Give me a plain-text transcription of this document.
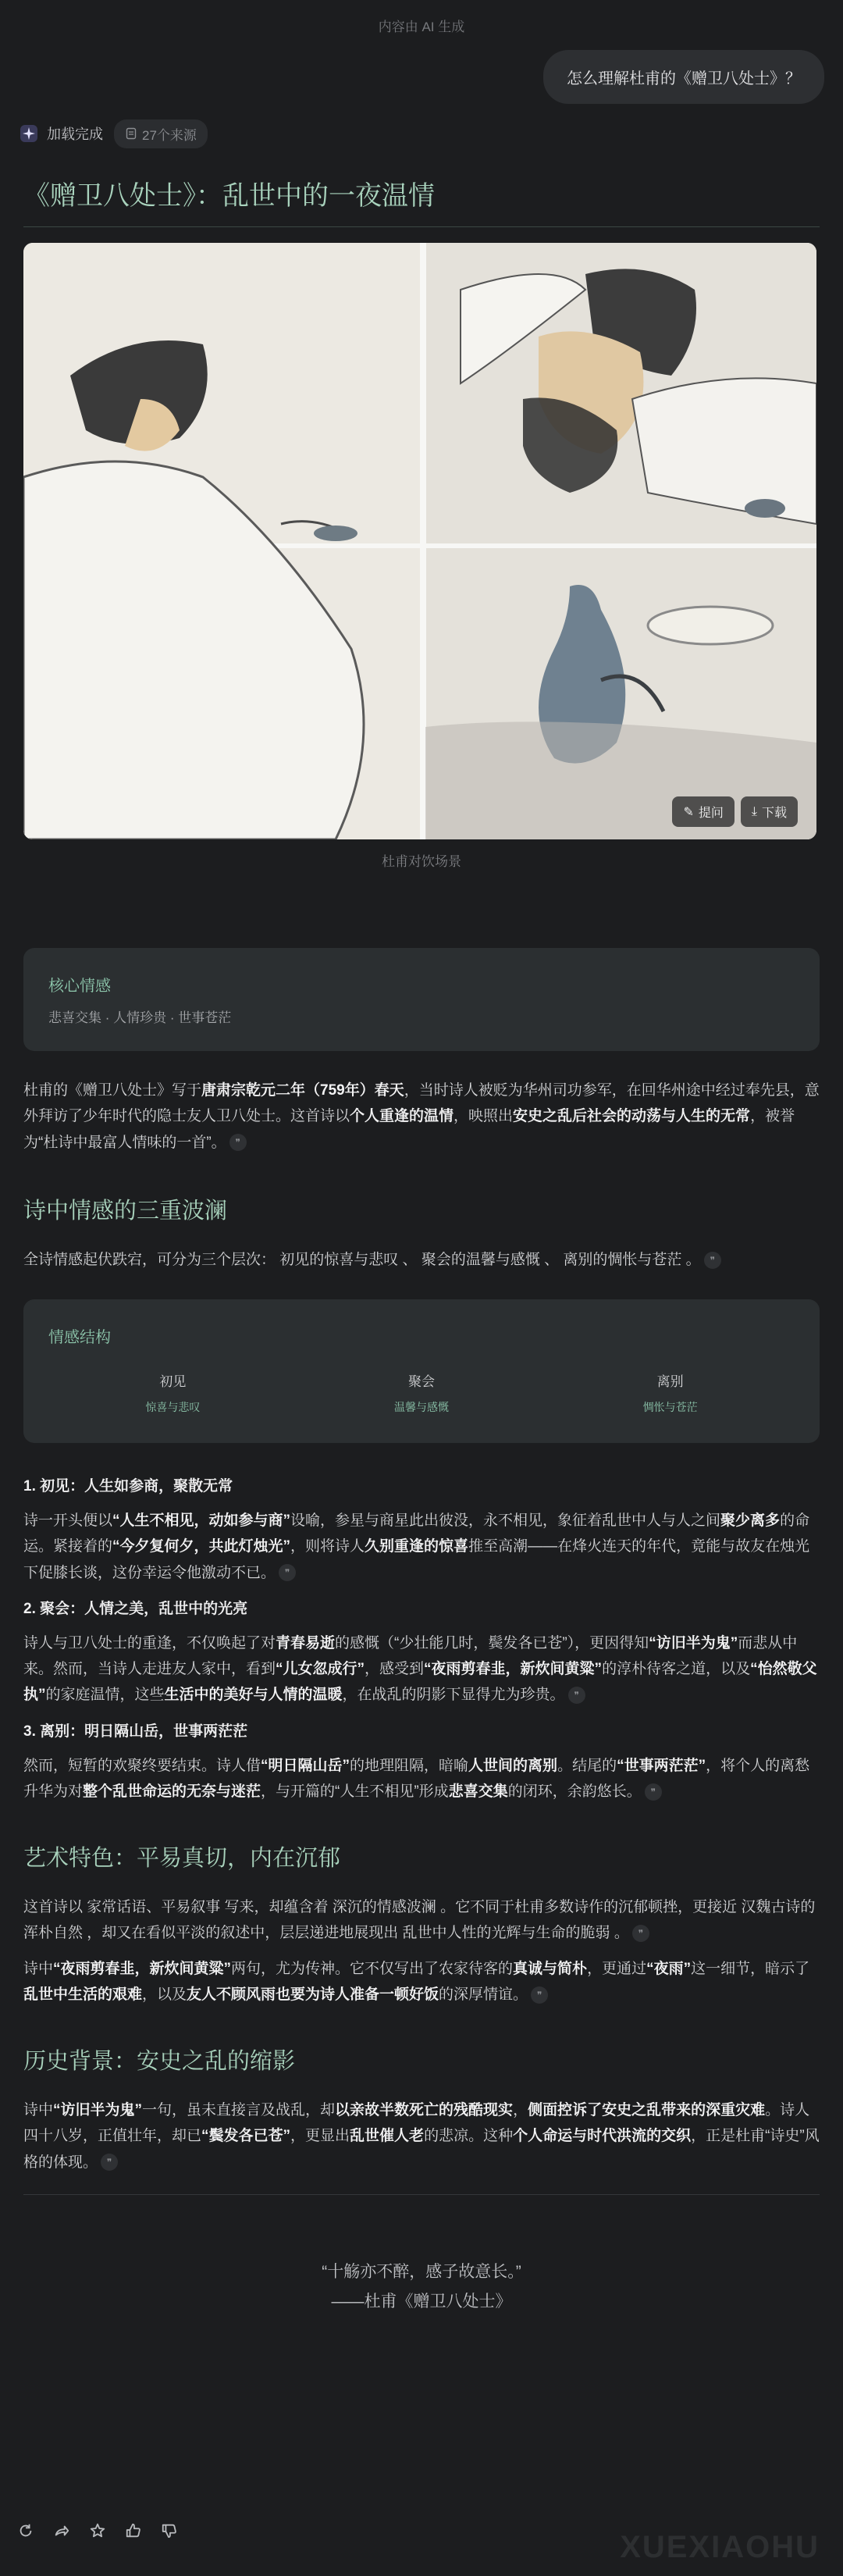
内容由 AI 生成
怎么理解杜甫的《赠卫八处士》？
加载完成	27个来源
《赠卫八处士》：乱世中的一夜温情
✎ 提问 ⤓ 下载
杜甫对饮场景
核心情感
悲喜交集 · 人情珍贵 · 世事苍茫

杜甫的《赠卫八处士》写于唐肃宗乾元二年（759年）春天，当时诗人被贬为华州司功参军，在回华州途中经过奉先县，意外拜访了少年时代的隐士友人卫八处士。这首诗以个人重逢的温情，映照出安史之乱后社会的动荡与人生的无常，被誉为“杜诗中最富人情味的一首”。 ❞

诗中情感的三重波澜

全诗情感起伏跌宕，可分为三个层次： 初见的惊喜与悲叹 、 聚会的温馨与感慨 、 离别的惆怅与苍茫 。 ❞

情感结构
初见
惊喜与悲叹
聚会
温馨与感慨
离别
惆怅与苍茫
1. 初见：人生如参商，聚散无常

诗一开头便以“人生不相见，动如参与商”设喻，参星与商星此出彼没，永不相见，象征着乱世中人与人之间聚少离多的命运。紧接着的“今夕复何夕，共此灯烛光”，则将诗人久别重逢的惊喜推至高潮——在烽火连天的年代，竟能与故友在烛光下促膝长谈，这份幸运令他激动不已。 ❞

2. 聚会：人情之美，乱世中的光亮

诗人与卫八处士的重逢，不仅唤起了对青春易逝的感慨（“少壮能几时，鬓发各已苍”），更因得知“访旧半为鬼”而悲从中来。然而，当诗人走进友人家中，看到“儿女忽成行”，感受到“夜雨剪春韭，新炊间黄粱”的淳朴待客之道，以及“怡然敬父执”的家庭温情，这些生活中的美好与人情的温暖，在战乱的阴影下显得尤为珍贵。 ❞

3. 离别：明日隔山岳，世事两茫茫

然而，短暂的欢聚终要结束。诗人借“明日隔山岳”的地理阻隔，暗喻人世间的离别。结尾的“世事两茫茫”，将个人的离愁升华为对整个乱世命运的无奈与迷茫，与开篇的“人生不相见”形成悲喜交集的闭环，余韵悠长。 ❞

艺术特色：平易真切，内在沉郁

这首诗以 家常话语、平易叙事 写来，却蕴含着 深沉的情感波澜 。它不同于杜甫多数诗作的沉郁顿挫，更接近 汉魏古诗的浑朴自然 ，却又在看似平淡的叙述中，层层递进地展现出 乱世中人性的光辉与生命的脆弱 。 ❞

诗中“夜雨剪春韭，新炊间黄粱”两句，尤为传神。它不仅写出了农家待客的真诚与简朴，更通过“夜雨”这一细节，暗示了乱世中生活的艰难，以及友人不顾风雨也要为诗人准备一顿好饭的深厚情谊。 ❞

历史背景：安史之乱的缩影

诗中“访旧半为鬼”一句，虽未直接言及战乱，却以亲故半数死亡的残酷现实，侧面控诉了安史之乱带来的深重灾难。诗人四十八岁，正值壮年，却已“鬓发各已苍”，更显出乱世催人老的悲凉。这种个人命运与时代洪流的交织，正是杜甫“诗史”风格的体现。 ❞

“十觞亦不醉，感子故意长。”
——杜甫《赠卫八处士》
XUEXIAOHU
